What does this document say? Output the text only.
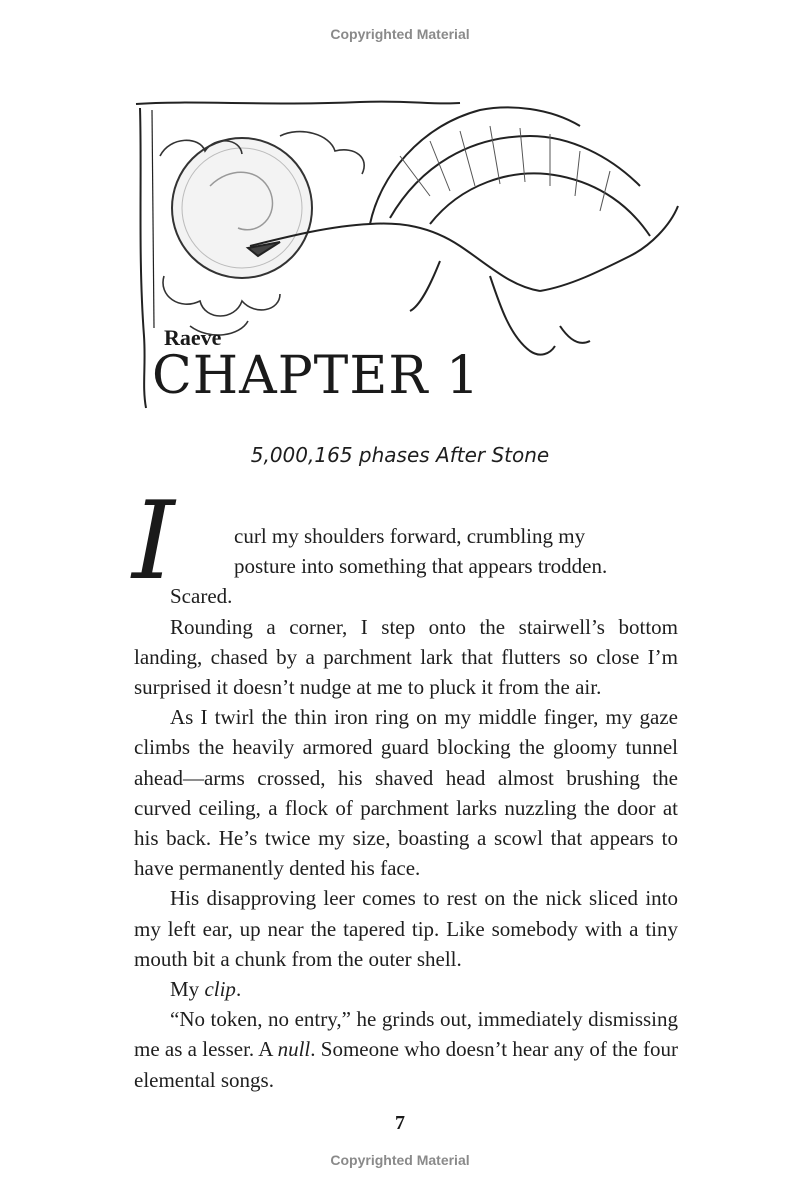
Copyrighted Material
Raeve
CHAPTER 1
5,000,165 phases After Stone
I	curl my shoulders forward, crumbling my
posture into something that appears trodden.

Scared.

Rounding a corner, I step onto the stairwell’s bottom landing, chased by a parchment lark that flutters so close I’m surprised it doesn’t nudge at me to pluck it from the air.

As I twirl the thin iron ring on my middle finger, my gaze climbs the heavily armored guard blocking the gloomy tunnel ahead—arms crossed, his shaved head almost brushing the curved ceiling, a flock of parchment larks nuzzling the door at his back. He’s twice my size, boasting a scowl that appears to have permanently dented his face.

His disapproving leer comes to rest on the nick sliced into my left ear, up near the tapered tip. Like somebody with a tiny mouth bit a chunk from the outer shell.

My clip.

“No token, no entry,” he grinds out, immediately dismissing me as a lesser. A null. Someone who doesn’t hear any of the four elemental songs.

7
Copyrighted Material
